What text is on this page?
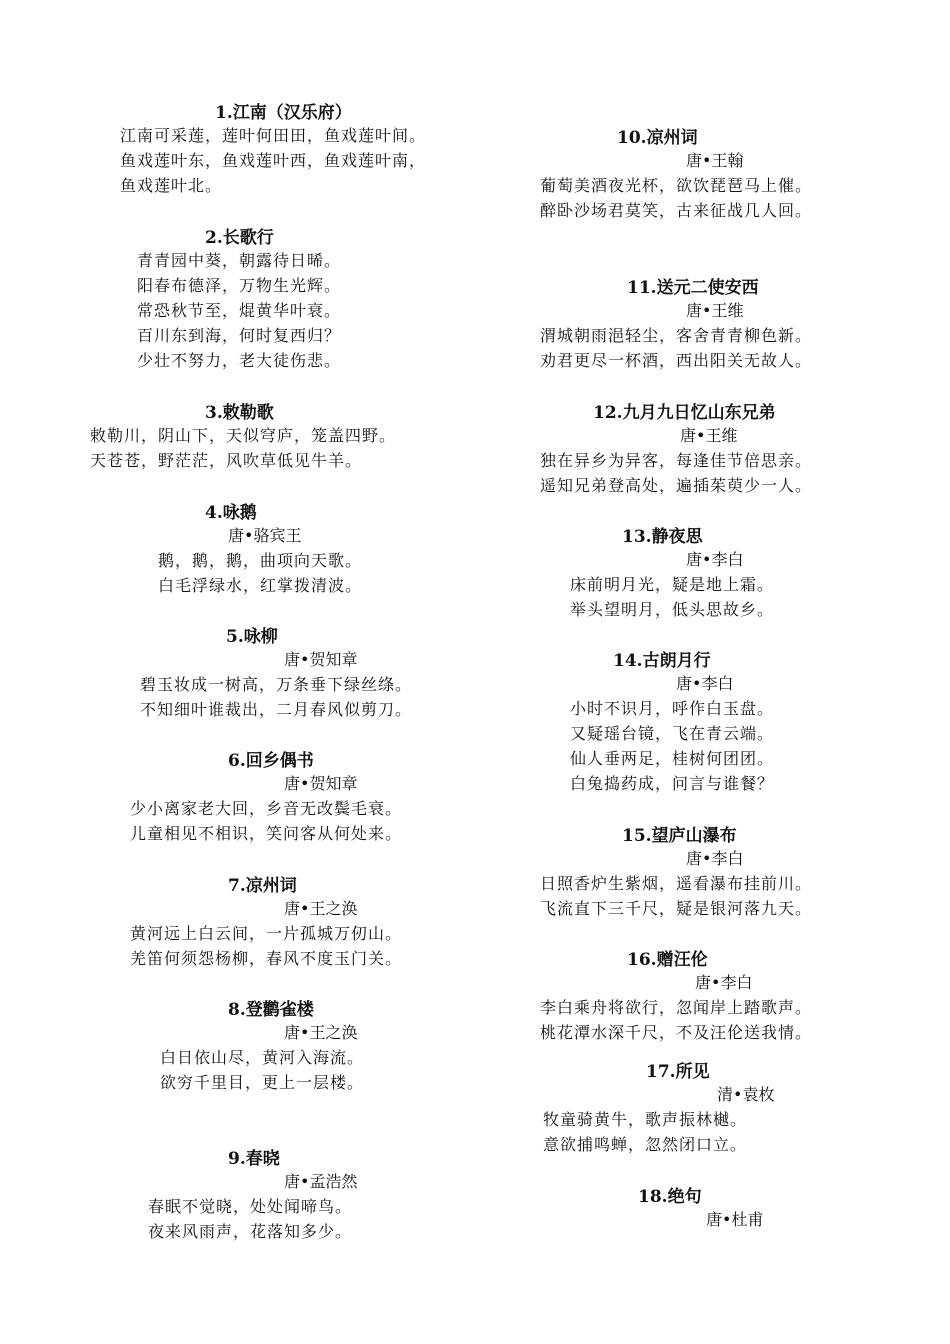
1.江南（汉乐府）
江南可采莲，莲叶何田田，鱼戏莲叶间。
鱼戏莲叶东，鱼戏莲叶西，鱼戏莲叶南，
鱼戏莲叶北。
2.长歌行
青青园中葵，朝露待日晞。
阳春布德泽，万物生光辉。
常恐秋节至，焜黄华叶衰。
百川东到海，何时复西归？
少壮不努力，老大徒伤悲。
3.敕勒歌
敕勒川，阴山下，天似穹庐，笼盖四野。
天苍苍，野茫茫，风吹草低见牛羊。
4.咏鹅
唐•骆宾王
鹅，鹅，鹅，曲项向天歌。
白毛浮绿水，红掌拨清波。
5.咏柳
唐•贺知章
碧玉妆成一树高，万条垂下绿丝绦。
不知细叶谁裁出，二月春风似剪刀。
6.回乡偶书
唐•贺知章
少小离家老大回，乡音无改鬓毛衰。
儿童相见不相识，笑问客从何处来。
7.凉州词
唐•王之涣
黄河远上白云间，一片孤城万仞山。
羌笛何须怨杨柳，春风不度玉门关。
8.登鹳雀楼
唐•王之涣
白日依山尽，黄河入海流。
欲穷千里目，更上一层楼。
9.春晓
唐•孟浩然
春眠不觉晓，处处闻啼鸟。
夜来风雨声，花落知多少。
10.凉州词
唐•王翰
葡萄美酒夜光杯，欲饮琵琶马上催。
醉卧沙场君莫笑，古来征战几人回。
11.送元二使安西
唐•王维
渭城朝雨浥轻尘，客舍青青柳色新。
劝君更尽一杯酒，西出阳关无故人。
12.九月九日忆山东兄弟
唐•王维
独在异乡为异客，每逢佳节倍思亲。
遥知兄弟登高处，遍插茱萸少一人。
13.静夜思
唐•李白
床前明月光，疑是地上霜。
举头望明月，低头思故乡。
14.古朗月行
唐•李白
小时不识月，呼作白玉盘。
又疑瑶台镜，飞在青云端。
仙人垂两足，桂树何团团。
白兔捣药成，问言与谁餐？
15.望庐山瀑布
唐•李白
日照香炉生紫烟，遥看瀑布挂前川。
飞流直下三千尺，疑是银河落九天。
16.赠汪伦
唐•李白
李白乘舟将欲行，忽闻岸上踏歌声。
桃花潭水深千尺，不及汪伦送我情。
17.所见
清•袁枚
牧童骑黄牛，歌声振林樾。
意欲捕鸣蝉，忽然闭口立。
18.绝句
唐•杜甫
